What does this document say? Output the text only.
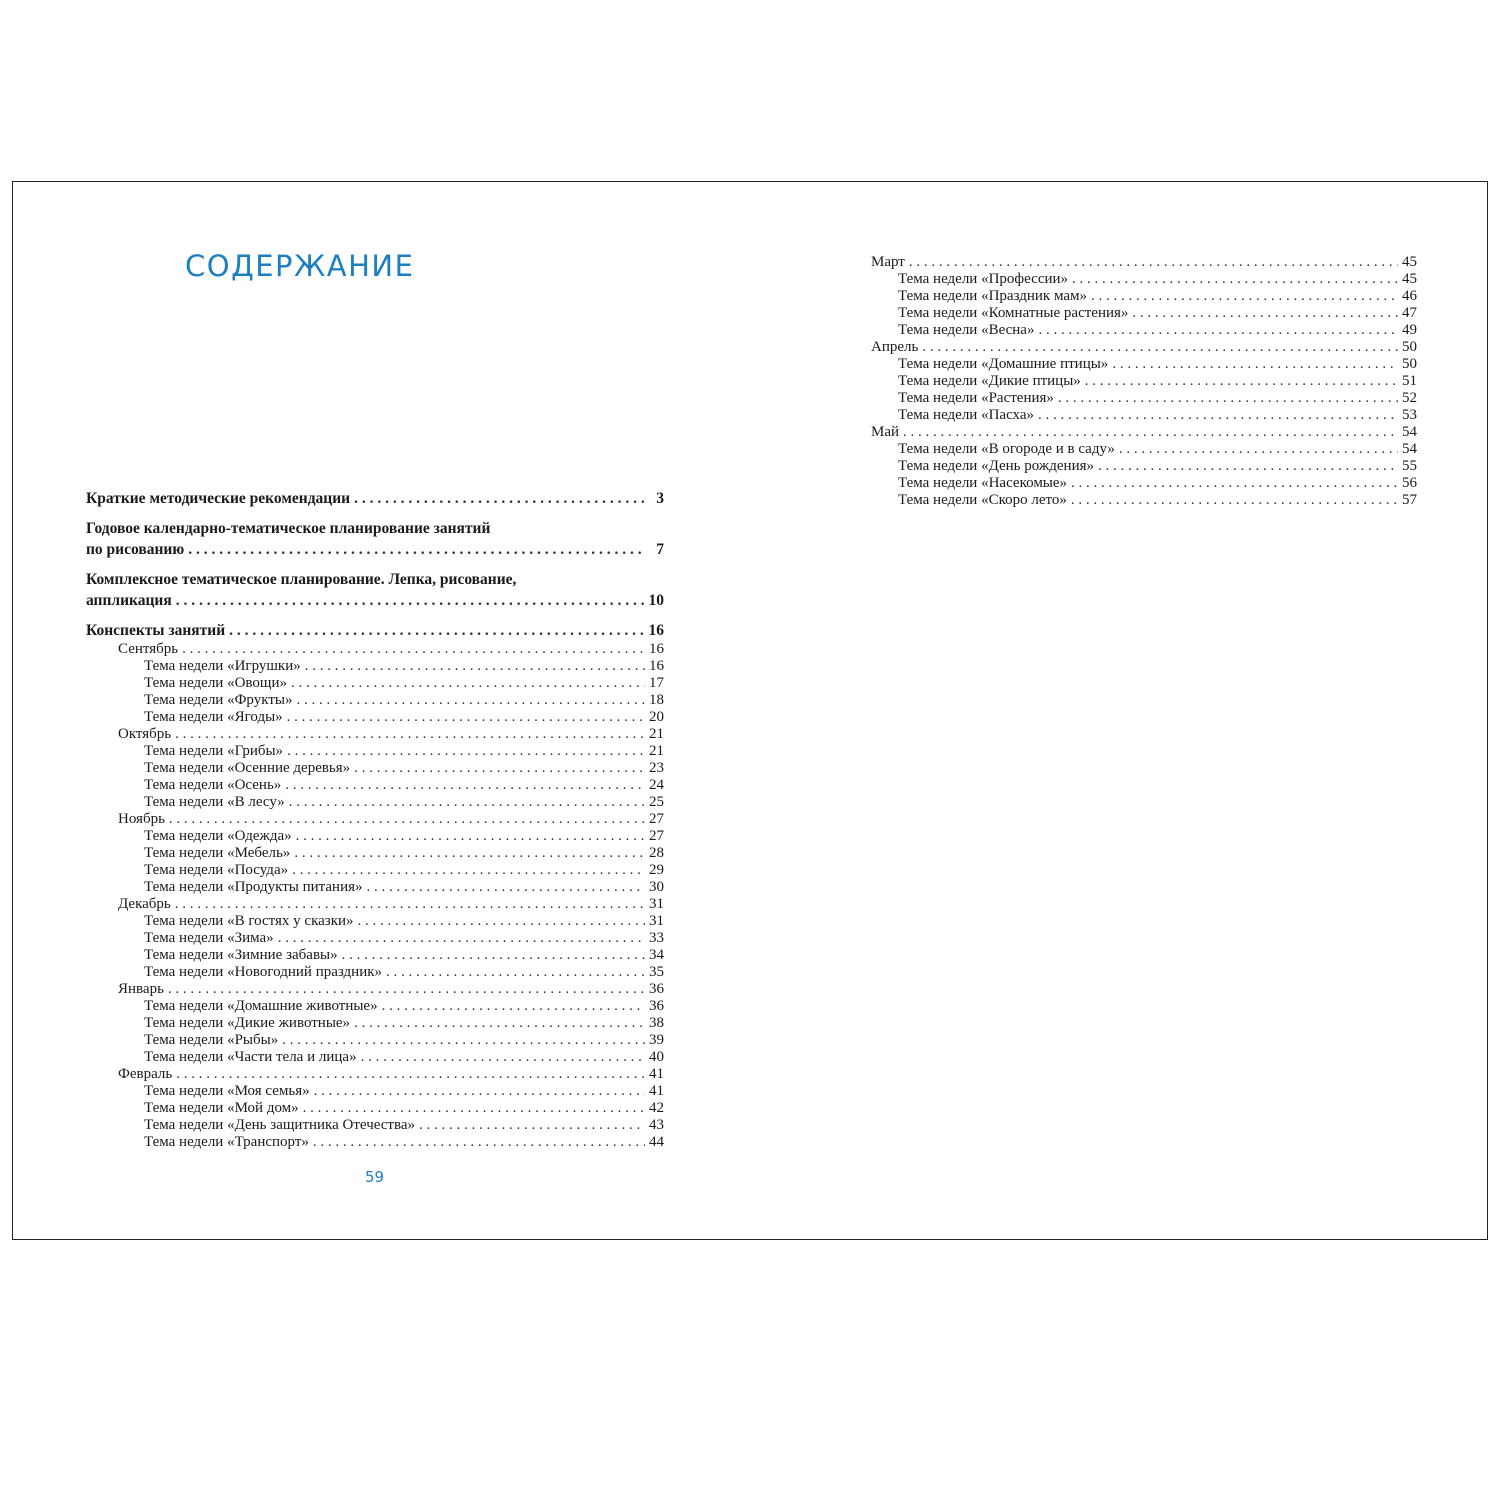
СОДЕРЖАНИЕ
Краткие методические рекомендации . . .	3
Годовое календарно-тематическое планирование занятий
по рисованию . . .	7
Комплексное тематическое планирование. Лепка, рисование,
аппликация . . .	10
Конспекты занятий . . .	16
Сентябрь . . .	16
Тема недели «Игрушки» . . .	16
Тема недели «Овощи» . . .	17
Тема недели «Фрукты» . . .	18
Тема недели «Ягоды» . . .	20
Октябрь . . .	21
Тема недели «Грибы» . . .	21
Тема недели «Осенние деревья» . . .	23
Тема недели «Осень» . . .	24
Тема недели «В лесу» . . .	25
Ноябрь . . .	27
Тема недели «Одежда» . . .	27
Тема недели «Мебель» . . .	28
Тема недели «Посуда» . . .	29
Тема недели «Продукты питания» . . .	30
Декабрь . . .	31
Тема недели «В гостях у сказки» . . .	31
Тема недели «Зима» . . .	33
Тема недели «Зимние забавы» . . .	34
Тема недели «Новогодний праздник» . . .	35
Январь . . .	36
Тема недели «Домашние животные» . . .	36
Тема недели «Дикие животные» . . .	38
Тема недели «Рыбы» . . .	39
Тема недели «Части тела и лица» . . .	40
Февраль . . .	41
Тема недели «Моя семья» . . .	41
Тема недели «Мой дом» . . .	42
Тема недели «День защитника Отечества» . . .	43
Тема недели «Транспорт» . . .	44
Март . . .	45
Тема недели «Профессии» . . .	45
Тема недели «Праздник мам» . . .	46
Тема недели «Комнатные растения» . . .	47
Тема недели «Весна» . . .	49
Апрель . . .	50
Тема недели «Домашние птицы» . . .	50
Тема недели «Дикие птицы» . . .	51
Тема недели «Растения» . . .	52
Тема недели «Пасха» . . .	53
Май . . .	54
Тема недели «В огороде и в саду» . . .	54
Тема недели «День рождения» . . .	55
Тема недели «Насекомые» . . .	56
Тема недели «Скоро лето» . . .	57
59
